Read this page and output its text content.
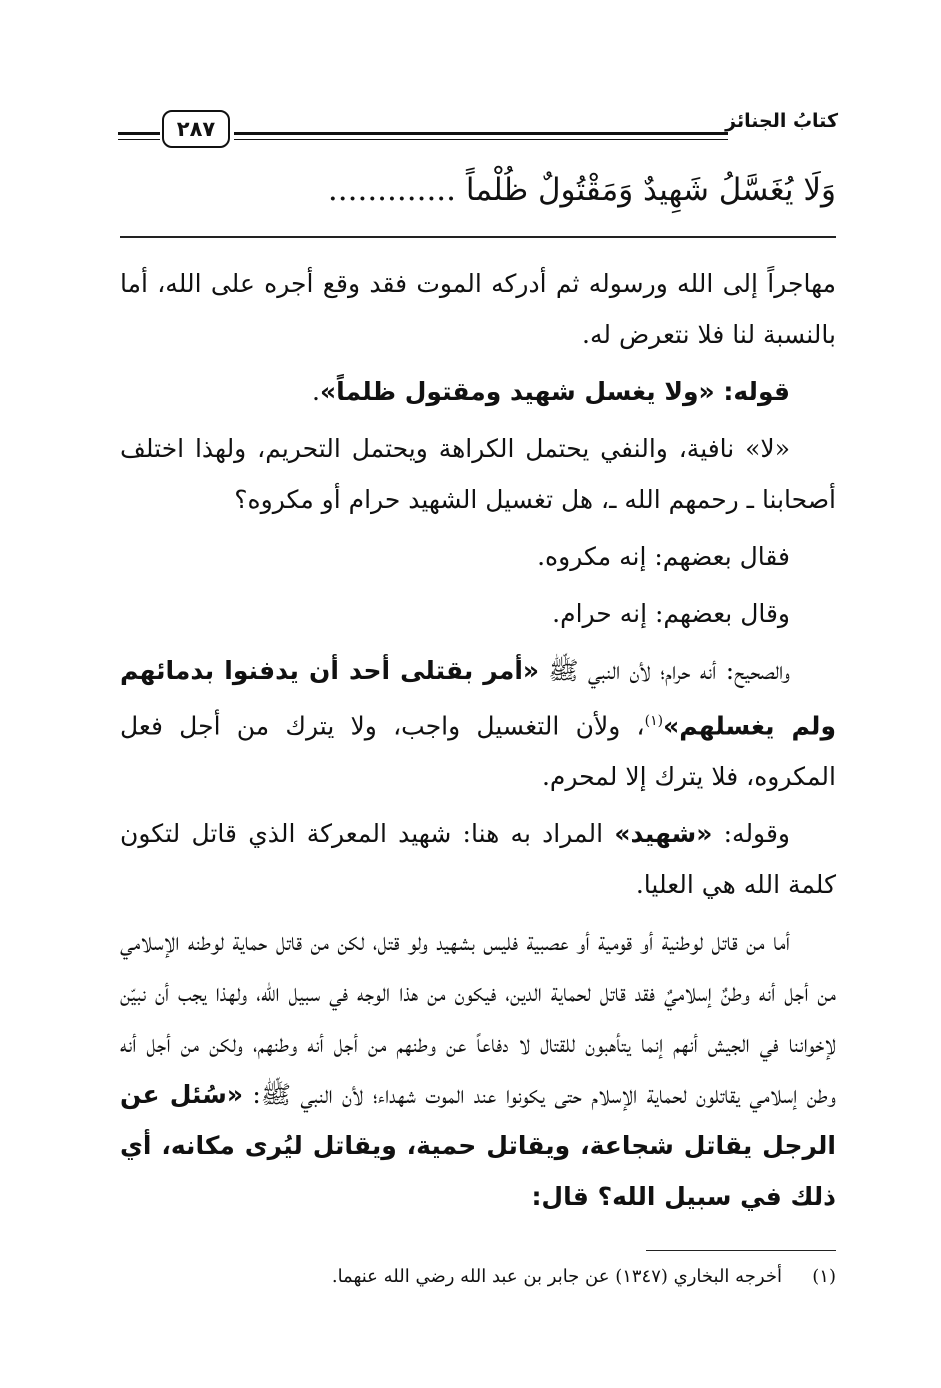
كتابُ الجنائز
٢٨٧
وَلَا يُغَسَّلُ شَهِيدٌ وَمَقْتُولٌ ظُلْماً .............

مهاجراً إلى الله ورسوله ثم أدركه الموت فقد وقع أجره على الله، أما بالنسبة لنا فلا نتعرض له.

قوله: «ولا يغسل شهيد ومقتول ظلماً».

«لا» نافية، والنفي يحتمل الكراهة ويحتمل التحريم، ولهذا اختلف أصحابنا ـ رحمهم الله ـ، هل تغسيل الشهيد حرام أو مكروه؟

فقال بعضهم: إنه مكروه.

وقال بعضهم: إنه حرام.

والصحيح: أنه حرام؛ لأن النبي ﷺ «أمر بقتلى أحد أن يدفنوا بدمائهم ولم يغسلهم»$^{(١)}$، ولأن التغسيل واجب، ولا يترك من أجل فعل المكروه، فلا يترك إلا لمحرم.

وقوله: «شهيد» المراد به هنا: شهيد المعركة الذي قاتل لتكون كلمة الله هي العليا.

أما من قاتل لوطنية أو قومية أو عصبية فليس بشهيد ولو قتل، لكن من قاتل حماية لوطنه الإسلامي من أجل أنه وطنٌ إسلاميٌ فقد قاتل لحماية الدين، فيكون من هذا الوجه في سبيل الله، ولهذا يجب أن نبيّن لإخواننا في الجيش أنهم إنما يتأهبون للقتال لا دفاعاً عن وطنهم من أجل أنه وطنهم، ولكن من أجل أنه وطن إسلامي يقاتلون لحماية الإسلام حتى يكونوا عند الموت شهداء؛ لأن النبي ﷺ: «سُئل عن الرجل يقاتل شجاعة، ويقاتل حمية، ويقاتل ليُرى مكانه، أي ذلك في سبيل الله؟ قال:

(١)أخرجه البخاري (١٣٤٧) عن جابر بن عبد الله رضي الله عنهما.
